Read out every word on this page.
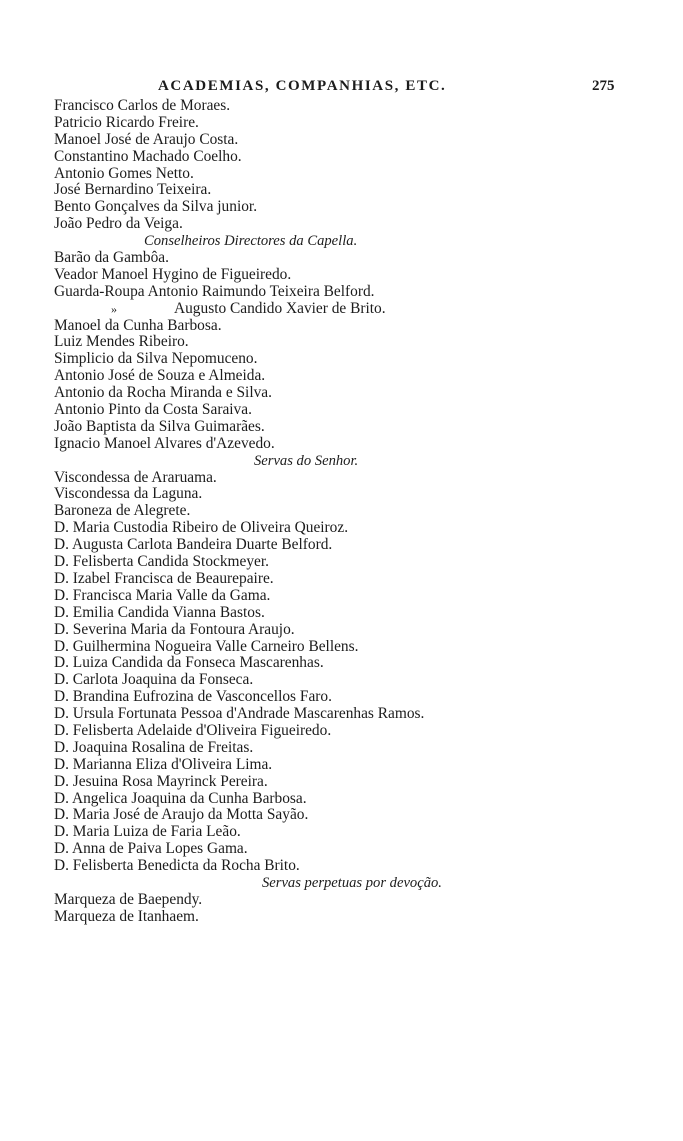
ACADEMIAS, COMPANHIAS, ETC.	275
Francisco Carlos de Moraes.
Patricio Ricardo Freire.
Manoel José de Araujo Costa.
Constantino Machado Coelho.
Antonio Gomes Netto.
José Bernardino Teixeira.
Bento Gonçalves da Silva junior.
João Pedro da Veiga.
Conselheiros Directores da Capella.
Barão da Gambôa.
Veador Manoel Hygino de Figueiredo.
Guarda-Roupa Antonio Raimundo Teixeira Belford.
»	Augusto Candido Xavier de Brito.
Manoel da Cunha Barbosa.
Luiz Mendes Ribeiro.
Simplicio da Silva Nepomuceno.
Antonio José de Souza e Almeida.
Antonio da Rocha Miranda e Silva.
Antonio Pinto da Costa Saraiva.
João Baptista da Silva Guimarães.
Ignacio Manoel Alvares d'Azevedo.
Servas do Senhor.
Viscondessa de Araruama.
Viscondessa da Laguna.
Baroneza de Alegrete.
D. Maria Custodia Ribeiro de Oliveira Queiroz.
D. Augusta Carlota Bandeira Duarte Belford.
D. Felisberta Candida Stockmeyer.
D. Izabel Francisca de Beaurepaire.
D. Francisca Maria Valle da Gama.
D. Emilia Candida Vianna Bastos.
D. Severina Maria da Fontoura Araujo.
D. Guilhermina Nogueira Valle Carneiro Bellens.
D. Luiza Candida da Fonseca Mascarenhas.
D. Carlota Joaquina da Fonseca.
D. Brandina Eufrozina de Vasconcellos Faro.
D. Ursula Fortunata Pessoa d'Andrade Mascarenhas Ramos.
D. Felisberta Adelaide d'Oliveira Figueiredo.
D. Joaquina Rosalina de Freitas.
D. Marianna Eliza d'Oliveira Lima.
D. Jesuina Rosa Mayrinck Pereira.
D. Angelica Joaquina da Cunha Barbosa.
D. Maria José de Araujo da Motta Sayão.
D. Maria Luiza de Faria Leão.
D. Anna de Paiva Lopes Gama.
D. Felisberta Benedicta da Rocha Brito.
Servas perpetuas por devoção.
Marqueza de Baependy.
Marqueza de Itanhaem.
